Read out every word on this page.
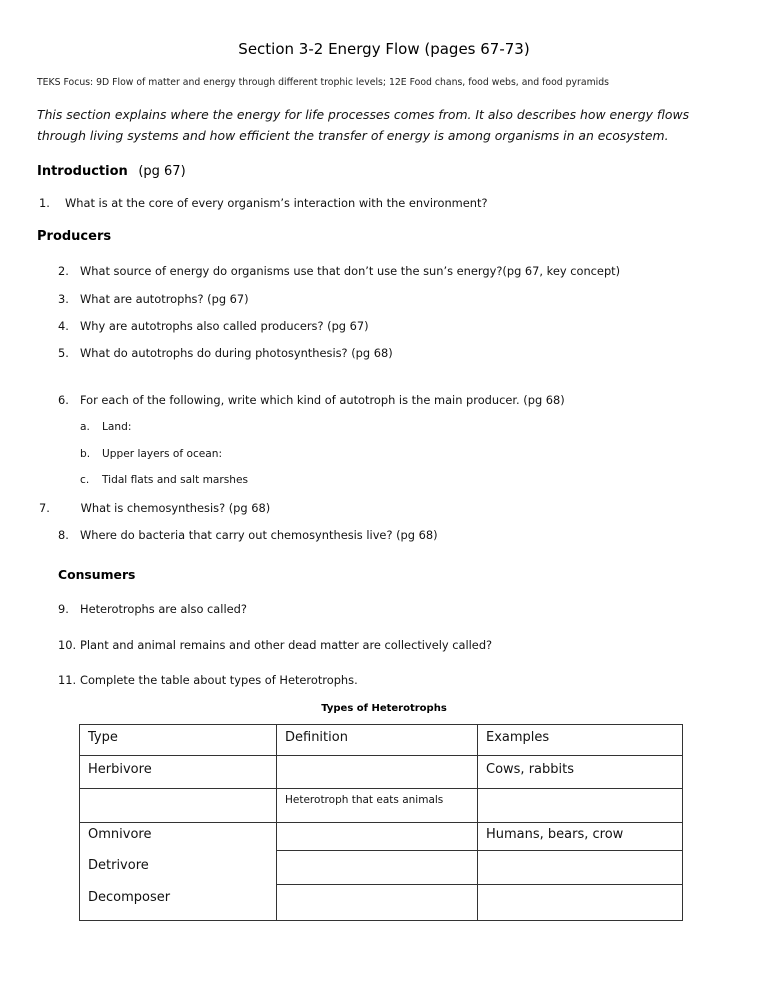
Section 3-2 Energy Flow (pages 67-73)
TEKS Focus: 9D Flow of matter and energy through different trophic levels; 12E Food chans, food webs, and food pyramids
This section explains where the energy for life processes comes from. It also describes how energy flows through living systems and how efficient the transfer of energy is among organisms in an ecosystem.
Introduction (pg 67)
1. What is at the core of every organism’s interaction with the environment?
Producers
2. What source of energy do organisms use that don’t use the sun’s energy?(pg 67, key concept)
3. What are autotrophs? (pg 67)
4. Why are autotrophs also called producers? (pg 67)
5. What do autotrophs do during photosynthesis? (pg 68)
6. For each of the following, write which kind of autotroph is the main producer. (pg 68)
a. Land:
b. Upper layers of ocean:
c. Tidal flats and salt marshes
7. What is chemosynthesis? (pg 68)
8. Where do bacteria that carry out chemosynthesis live? (pg 68)
Consumers
9. Heterotrophs are also called?
10. Plant and animal remains and other dead matter are collectively called?
11. Complete the table about types of Heterotrophs.
Types of Heterotrophs
Type	Definition	Examples
Herbivore		Cows, rabbits
	Heterotroph that eats animals	
Omnivore		Humans, bears, crow
Detrivore		
Decomposer		
